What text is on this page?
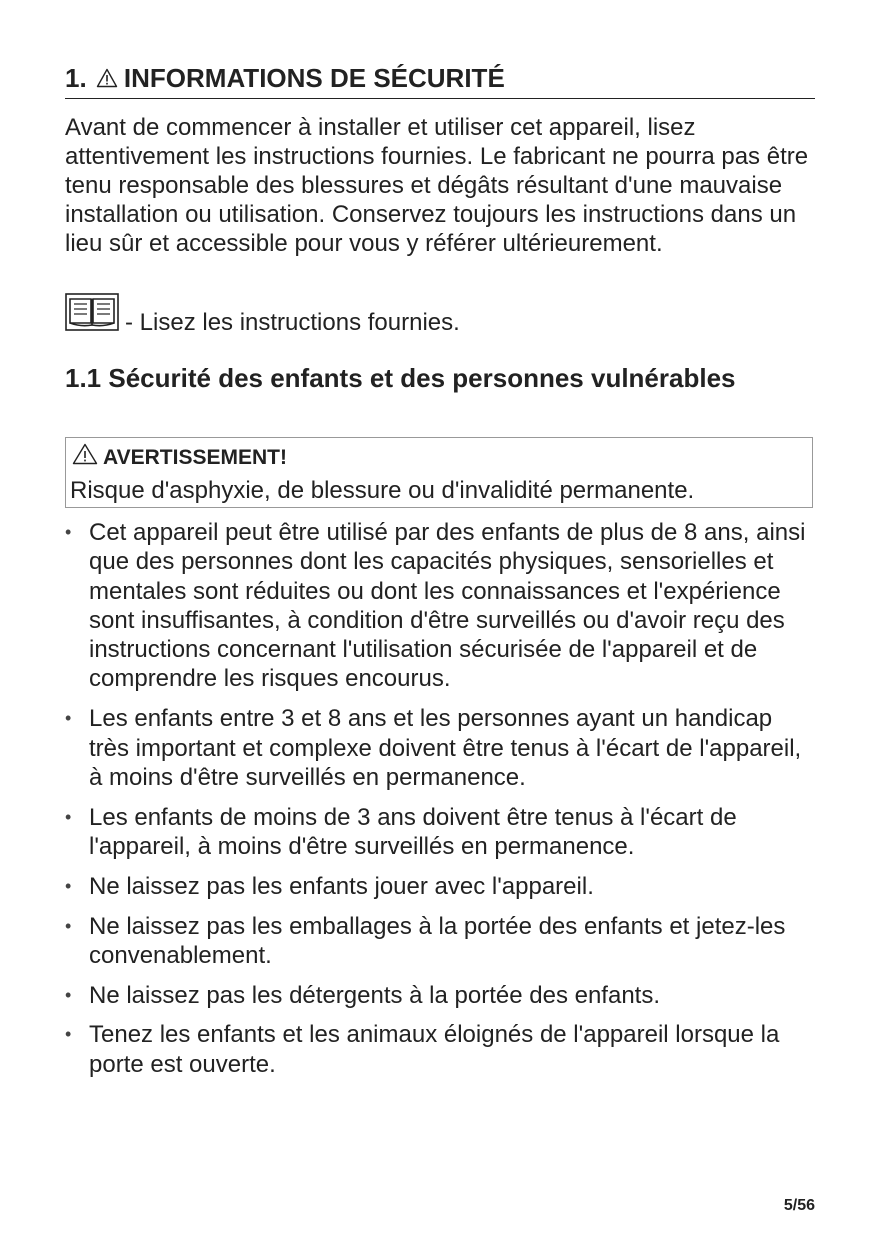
1. INFORMATIONS DE SÉCURITÉ

Avant de commencer à installer et utiliser cet appareil, lisez attentivement les instructions fournies. Le fabricant ne pourra pas être tenu responsable des blessures et dégâts résultant d'une mauvaise installation ou utilisation. Conservez toujours les instructions dans un lieu sûr et accessible pour vous y référer ultérieurement.

- Lisez les instructions fournies.
1.1 Sécurité des enfants et des personnes vulnérables
AVERTISSEMENT!
Risque d'asphyxie, de blessure ou d'invalidité permanente.
• Cet appareil peut être utilisé par des enfants de plus de 8 ans, ainsi que des personnes dont les capacités physiques, sensorielles et mentales sont réduites ou dont les connaissances et l'expérience sont insuffisantes, à condition d'être surveillés ou d'avoir reçu des instructions concernant l'utilisation sécurisée de l'appareil et de comprendre les risques encourus.
• Les enfants entre 3 et 8 ans et les personnes ayant un handicap très important et complexe doivent être tenus à l'écart de l'appareil, à moins d'être surveillés en permanence.
• Les enfants de moins de 3 ans doivent être tenus à l'écart de l'appareil, à moins d'être surveillés en permanence.
• Ne laissez pas les enfants jouer avec l'appareil.
• Ne laissez pas les emballages à la portée des enfants et jetez-les convenablement.
• Ne laissez pas les détergents à la portée des enfants.
• Tenez les enfants et les animaux éloignés de l'appareil lorsque la porte est ouverte.
5/56
